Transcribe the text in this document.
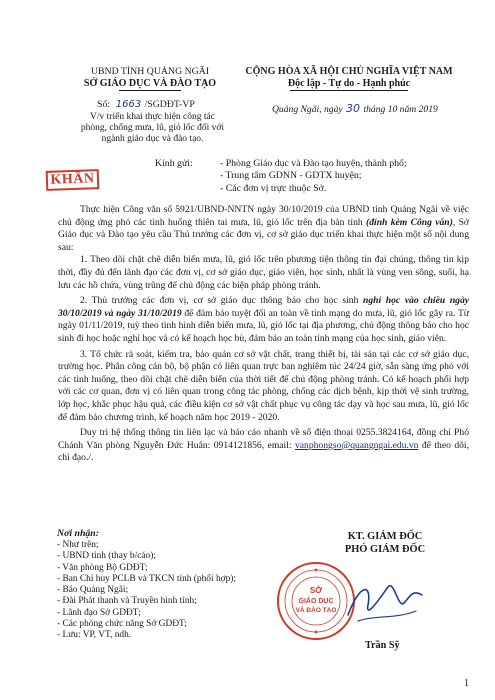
UBND TỈNH QUẢNG NGÃI
SỞ GIÁO DỤC VÀ ĐÀO TẠO
Số: 1663 /SGDĐT-VP
V/v triển khai thực hiện công tác phòng, chống mưa, lũ, gió lốc đối với ngành giáo dục và đào tạo.
CỘNG HÒA XÃ HỘI CHỦ NGHĨA VIỆT NAM
Độc lập - Tự do - Hạnh phúc
Quảng Ngãi, ngày 30 tháng 10 năm 2019
KHẨN
Kính gửi:	- Phòng Giáo dục và Đào tạo huyện, thành phố;
- Trung tâm GDNN - GDTX huyện;
- Các đơn vị trực thuộc Sở.

Thực hiện Công văn số 5921/UBND-NNTN ngày 30/10/2019 của UBND tỉnh Quảng Ngãi về việc chủ động ứng phó các tình huống thiên tai mưa, lũ, gió lốc trên địa bàn tỉnh (đính kèm Công văn), Sở Giáo dục và Đào tạo yêu cầu Thủ trưởng các đơn vị, cơ sở giáo dục triển khai thực hiện một số nội dung sau:

1. Theo dõi chặt chẽ diễn biến mưa, lũ, gió lốc trên phương tiện thông tin đại chúng, thông tin kịp thời, đầy đủ đến lãnh đạo các đơn vị, cơ sở giáo dục, giáo viên, học sinh, nhất là vùng ven sông, suối, hạ lưu các hồ chứa, vùng trũng để chủ động các biện pháp phòng tránh.

2. Thủ trưởng các đơn vị, cơ sở giáo dục thông báo cho học sinh nghỉ học vào chiều ngày 30/10/2019 và ngày 31/10/2019 để đảm bảo tuyệt đối an toàn về tính mạng do mưa, lũ, gió lốc gây ra. Từ ngày 01/11/2019, tuỳ theo tình hình diễn biến mưa, lũ, gió lốc tại địa phương, chủ động thông báo cho học sinh đi học hoặc nghỉ học và có kế hoạch học bù, đảm bảo an toàn tính mạng của học sinh, giáo viên.

3. Tổ chức rà soát, kiểm tra, bảo quản cơ sở vật chất, trang thiết bị, tài sản tại các cơ sở giáo dục, trường học. Phân công cán bộ, bộ phận có liên quan trực ban nghiêm túc 24/24 giờ, sẵn sàng ứng phó với các tình huống, theo dõi chặt chẽ diễn biến của thời tiết để chủ động phòng tránh. Có kế hoạch phối hợp với các cơ quan, đơn vị có liên quan trong công tác phòng, chống các dịch bệnh, kịp thời vệ sinh trường, lớp học, khắc phục hậu quả, các điều kiện cơ sở vật chất phục vụ công tác dạy và học sau mưa, lũ, gió lốc để đảm bảo chương trình, kế hoạch năm học 2019 - 2020.

Duy trì hệ thống thông tin liên lạc và báo cáo nhanh về số điện thoại 0255.3824164, đồng chí Phó Chánh Văn phòng Nguyễn Đức Huân: 0914121856, email: vanphongso@quangngai.edu.vn để theo dõi, chỉ đạo./.

Nơi nhận:
- Như trên;
- UBND tỉnh (thay b/cáo);
- Văn phòng Bộ GDĐT;
- Ban Chỉ huy PCLB và TKCN tỉnh (phối hợp);
- Báo Quảng Ngãi;
- Đài Phát thanh và Truyền hình tỉnh;
- Lãnh đạo Sở GDĐT;
- Các phòng chức năng Sở GDĐT;
- Lưu: VP, VT, ndh.
KT. GIÁM ĐỐC
PHÓ GIÁM ĐỐC
SỞ
GIÁO DỤC
VÀ ĐÀO TẠO
Trần Sỹ
1
